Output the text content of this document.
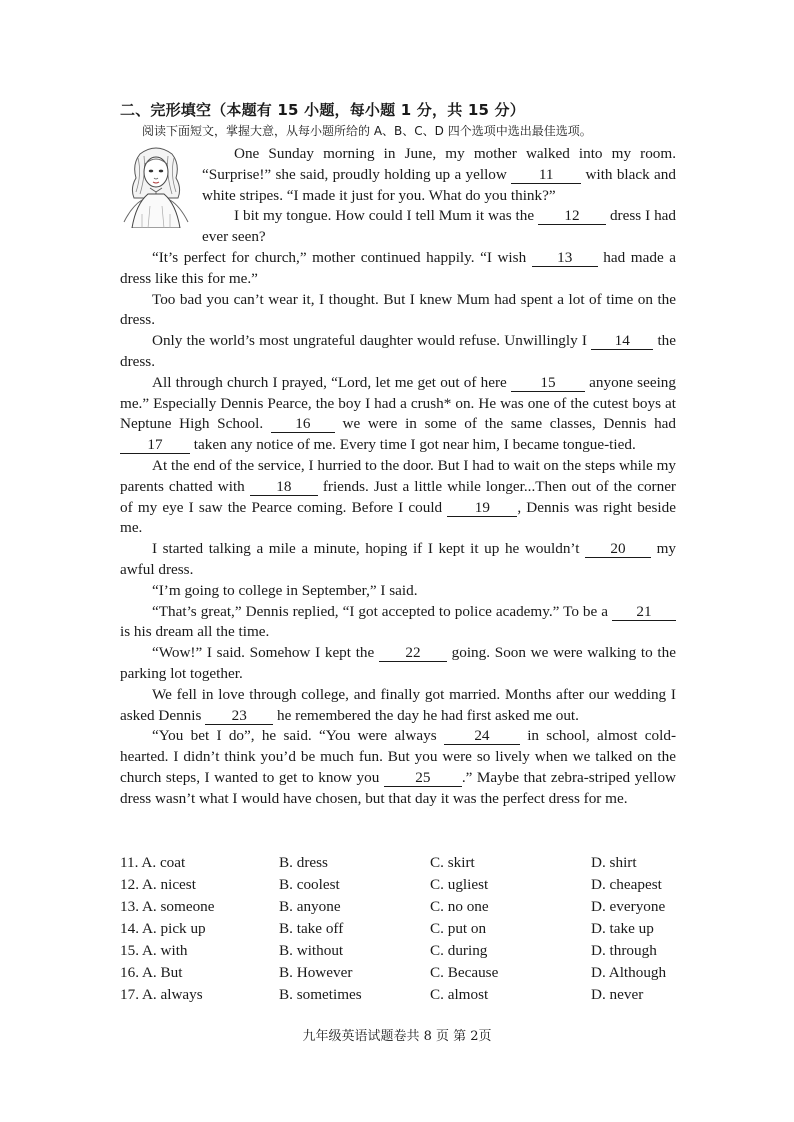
二、完形填空（本题有 15 小题，每小题 1 分，共 15 分）
阅读下面短文，掌握大意，从每小题所给的 A、B、C、D 四个选项中选出最佳选项。

One Sunday morning in June, my mother walked into my room. “Surprise!” she said, proudly holding up a yellow 11 with black and white stripes. “I made it just for you. What do you think?”

I bit my tongue. How could I tell Mum it was the 12 dress I had ever seen?

“It’s perfect for church,” mother continued happily. “I wish 13 had made a dress like this for me.”

Too bad you can’t wear it, I thought. But I knew Mum had spent a lot of time on the dress.

Only the world’s most ungrateful daughter would refuse. Unwillingly I 14 the dress.

All through church I prayed, “Lord, let me get out of here 15 anyone seeing me.” Especially Dennis Pearce, the boy I had a crush* on. He was one of the cutest boys at Neptune High School. 16 we were in some of the same classes, Dennis had 17 taken any notice of me. Every time I got near him, I became tongue-tied.

At the end of the service, I hurried to the door. But I had to wait on the steps while my parents chatted with 18 friends. Just a little while longer...Then out of the corner of my eye I saw the Pearce coming. Before I could 19 , Dennis was right beside me.

I started talking a mile a minute, hoping if I kept it up he wouldn’t 20 my awful dress.

“I’m going to college in September,” I said.

“That’s great,” Dennis replied, “I got accepted to police academy.” To be a 21 is his dream all the time.

“Wow!” I said. Somehow I kept the 22 going. Soon we were walking to the parking lot together.

We fell in love through college, and finally got married. Months after our wedding I asked Dennis 23 he remembered the day he had first asked me out.

“You bet I do”, he said. “You were always 24 in school, almost cold-hearted. I didn’t think you’d be much fun. But you were so lively when we talked on the church steps, I wanted to get to know you 25 .” Maybe that zebra-striped yellow dress wasn’t what I would have chosen, but that day it was the perfect dress for me.

11. A. coat	B. dress	C. skirt	D. shirt
12. A. nicest	B. coolest	C. ugliest	D. cheapest
13. A. someone	B. anyone	C. no one	D. everyone
14. A. pick up	B. take off	C. put on	D. take up
15. A. with	B. without	C. during	D. through
16. A. But	B. However	C. Because	D. Although
17. A. always	B. sometimes	C. almost	D. never
九年级英语试题卷共 8 页 第 2页
